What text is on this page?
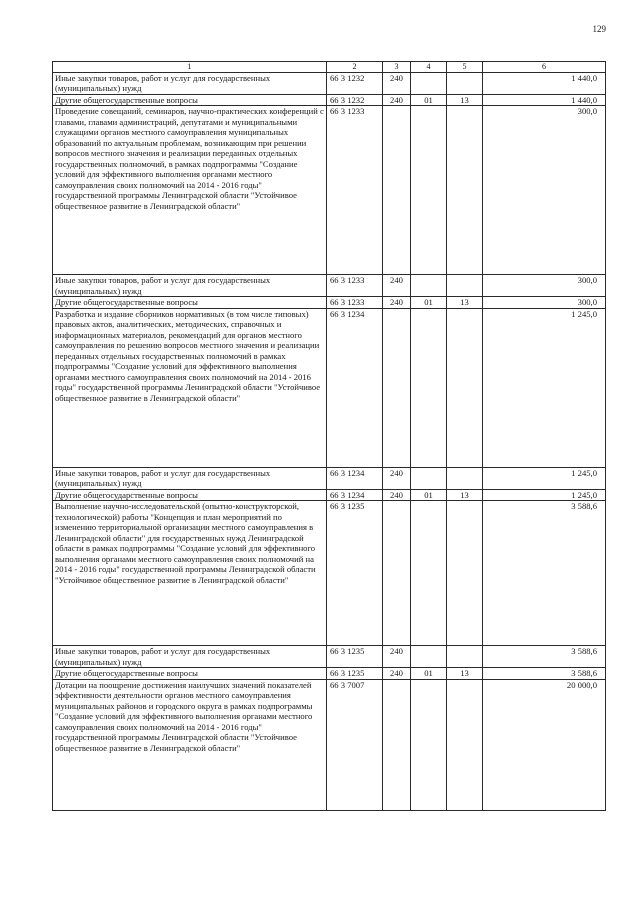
129
1	2	3	4	5	6
Иные закупки товаров, работ и услуг для государственных (муниципальных) нужд	66 3 1232	240			1 440,0
Другие общегосударственные вопросы	66 3 1232	240	01	13	1 440,0
Проведение совещаний, семинаров, научно-практических конференций с главами, главами администраций, депутатами и муниципальными служащими органов местного самоуправления муниципальных образований по актуальным проблемам, возникающим при решении вопросов местного значения и реализации переданных отдельных государственных полномочий, в рамках подпрограммы "Создание условий для эффективного выполнения органами местного самоуправления своих полномочий на 2014 - 2016 годы" государственной программы Ленинградской области "Устойчивое общественное развитие в Ленинградской области"	66 3 1233				300,0
Иные закупки товаров, работ и услуг для государственных (муниципальных) нужд	66 3 1233	240			300,0
Другие общегосударственные вопросы	66 3 1233	240	01	13	300,0
Разработка и издание сборников нормативных (в том числе типовых) правовых актов, аналитических, методических, справочных и информационных материалов, рекомендаций для органов местного самоуправления по решению вопросов местного значения и реализации переданных отдельных государственных полномочий в рамках подпрограммы "Создание условий для эффективного выполнения органами местного самоуправления своих полномочий на 2014 - 2016 годы" государственной программы Ленинградской области "Устойчивое общественное развитие в Ленинградской области"	66 3 1234				1 245,0
Иные закупки товаров, работ и услуг для государственных (муниципальных) нужд	66 3 1234	240			1 245,0
Другие общегосударственные вопросы	66 3 1234	240	01	13	1 245,0
Выполнение научно-исследовательской (опытно-конструкторской, технологической) работы "Концепция и план мероприятий по изменению территориальной организации местного самоуправления в Ленинградской области" для государственных нужд Ленинградской области в рамках подпрограммы "Создание условий для эффективного выполнения органами местного самоуправления своих полномочий на 2014 - 2016 годы" государственной программы Ленинградской области "Устойчивое общественное развитие в Ленинградской области"	66 3 1235				3 588,6
Иные закупки товаров, работ и услуг для государственных (муниципальных) нужд	66 3 1235	240			3 588,6
Другие общегосударственные вопросы	66 3 1235	240	01	13	3 588,6
Дотации на поощрение достижения наилучших значений показателей эффективности деятельности органов местного самоуправления муниципальных районов и городского округа в рамках подпрограммы "Создание условий для эффективного выполнения органами местного самоуправления своих полномочий на 2014 - 2016 годы" государственной программы Ленинградской области "Устойчивое общественное развитие в Ленинградской области"	66 3 7007				20 000,0
